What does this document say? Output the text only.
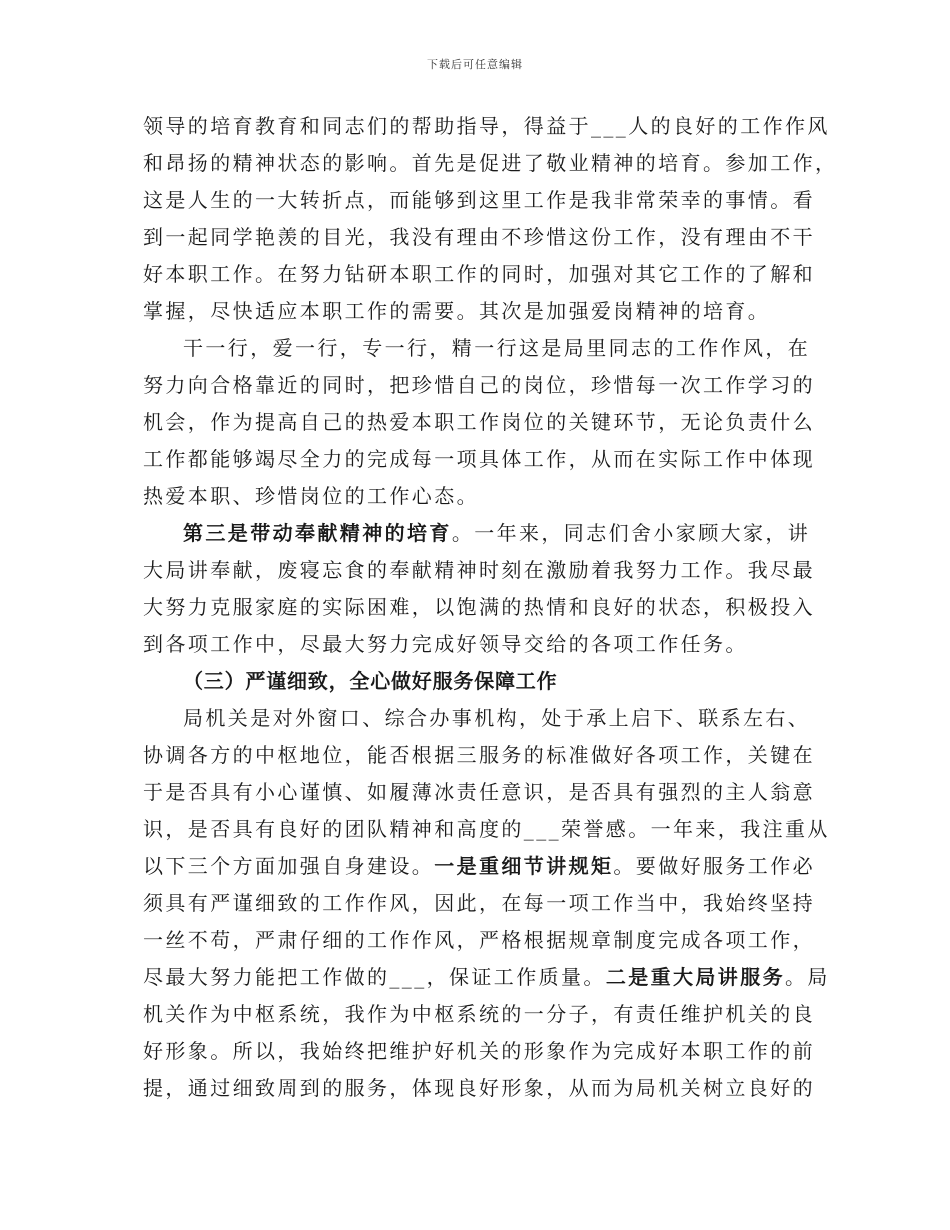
下载后可任意编辑
领导的培育教育和同志们的帮助指导，得益于___人的良好的工作作风
和昂扬的精神状态的影响。首先是促进了敬业精神的培育。参加工作，
这是人生的一大转折点，而能够到这里工作是我非常荣幸的事情。看
到一起同学艳羡的目光，我没有理由不珍惜这份工作，没有理由不干
好本职工作。在努力钻研本职工作的同时，加强对其它工作的了解和
掌握，尽快适应本职工作的需要。其次是加强爱岗精神的培育。
干一行，爱一行，专一行，精一行这是局里同志的工作作风，在
努力向合格靠近的同时，把珍惜自己的岗位，珍惜每一次工作学习的
机会，作为提高自己的热爱本职工作岗位的关键环节，无论负责什么
工作都能够竭尽全力的完成每一项具体工作，从而在实际工作中体现
热爱本职、珍惜岗位的工作心态。
第三是带动奉献精神的培育。一年来，同志们舍小家顾大家，讲
大局讲奉献，废寝忘食的奉献精神时刻在激励着我努力工作。我尽最
大努力克服家庭的实际困难，以饱满的热情和良好的状态，积极投入
到各项工作中，尽最大努力完成好领导交给的各项工作任务。
（三）严谨细致，全心做好服务保障工作
局机关是对外窗口、综合办事机构，处于承上启下、联系左右、
协调各方的中枢地位，能否根据三服务的标准做好各项工作，关键在
于是否具有小心谨慎、如履薄冰责任意识，是否具有强烈的主人翁意
识，是否具有良好的团队精神和高度的___荣誉感。一年来，我注重从
以下三个方面加强自身建设。一是重细节讲规矩。要做好服务工作必
须具有严谨细致的工作作风，因此，在每一项工作当中，我始终坚持
一丝不苟，严肃仔细的工作作风，严格根据规章制度完成各项工作，
尽最大努力能把工作做的___，保证工作质量。二是重大局讲服务。局
机关作为中枢系统，我作为中枢系统的一分子，有责任维护机关的良
好形象。所以，我始终把维护好机关的形象作为完成好本职工作的前
提，通过细致周到的服务，体现良好形象，从而为局机关树立良好的
